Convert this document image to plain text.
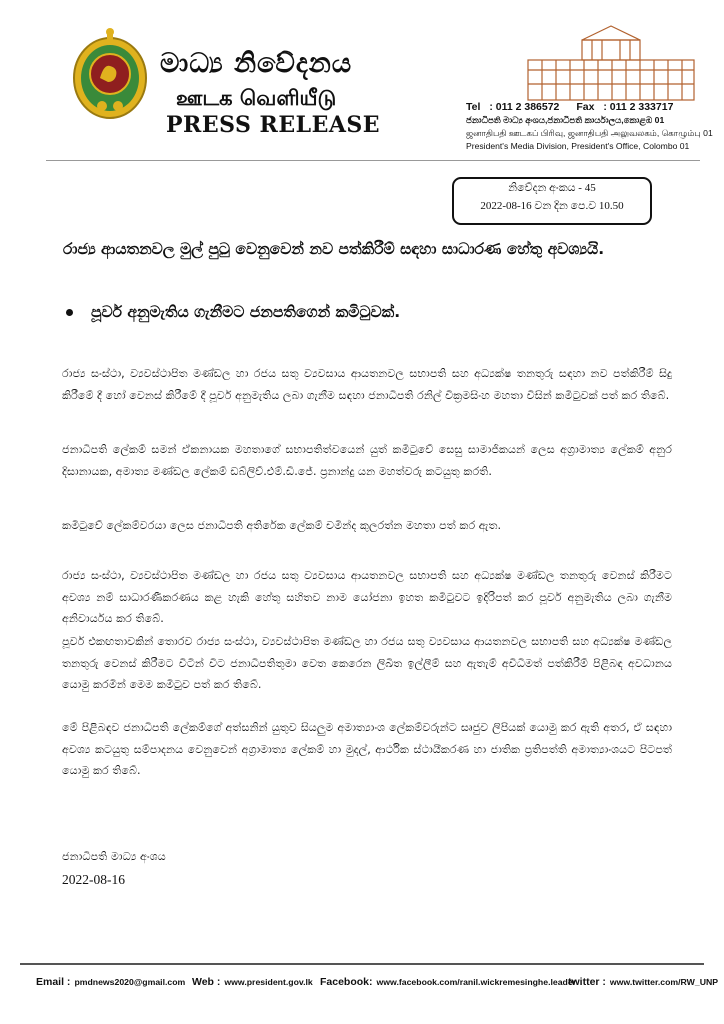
මාධ්‍ය නිවේදනය
ஊடக வெளியீடு
PRESS RELEASE
Tel : 011 2 386572 Fax : 011 2 333717
ජනාධිපති මාධ්‍ය අංශය,ජනාධිපති කාර්යාලය,කොළඹ 01
ஜனாதிபதி ஊடகப் பிரிவு, ஜனாதிபதி அலுவலகம், கொழும்பு 01
President's Media Division, President's Office, Colombo 01
නිවේදන අංකය - 45
2022-08-16 වන දින පෙ.ව 10.50
රාජ්‍ය ආයතනවල මුල් පුටු වෙනුවෙන් නව පත්කිරීම් සඳහා සාධාරණ හේතු අවශ්‍යයි.
පූර්ව අනුමැතිය ගැනීමට ජනපතිගෙන් කමිටුවක්.
රාජ්‍ය සංස්ථා, ව්‍යවස්ථාපිත මණ්ඩල හා රජය සතු ව්‍යවසාය ආයතනවල සභාපති සහ අධ්‍යක්ෂ තනතුරු සඳහා නව පත්කිරීම් සිදු කිරීමේ දී හෝ වෙනස් කිරීමේ දී පූර්ව අනුමැතිය ලබා ගැනීම සඳහා ජනාධිපති රනිල් වික්‍රමසිංහ මහතා විසින් කමිටුවක් පත් කර තිබේ.
ජනාධිපති ලේකම් සමන් ඒකනායක මහතාගේ සභාපතිත්වයෙන් යුත් කමිටුවේ සෙසු සාමාජිකයන් ලෙස අග්‍රාමාත්‍ය ලේකම් අනුර දිසානායක, අමාත්‍ය මණ්ඩල ලේකම් ඩබ්ලිව්.එම්.ඩී.ජේ. ප්‍රනාන්දු යන මහත්වරු කටයුතු කරති.
කමිටුවේ ලේකම්වරයා ලෙස ජනාධිපති අතිරේක ලේකම් චමින්ද කුලරත්න මහතා පත් කර ඇත.
රාජ්‍ය සංස්ථා, ව්‍යවස්ථාපිත මණ්ඩල හා රජය සතු ව්‍යවසාය ආයතනවල සභාපති සහ අධ්‍යක්ෂ මණ්ඩල තනතුරු වෙනස් කිරීමට අවශ්‍ය නම් සාධාරණීකරණය කළ හැකි හේතු සහිතව නාම යෝජනා ඉහත කමිටුවට ඉදිරිපත් කර පූර්ව අනුමැතිය ලබා ගැනීම අනිවාර්යය කර තිබේ.
පූර්ව එකඟතාවකින් තොරව රාජ්‍ය සංස්ථා, ව්‍යවස්ථාපිත මණ්ඩල හා රජය සතු ව්‍යවසාය ආයතනවල සභාපති සහ අධ්‍යක්ෂ මණ්ඩල තනතුරු වෙනස් කිරීමට විටින් විට ජනාධිපතිතුමා වෙත කෙරෙන ලිඛිත ඉල්ලීම් සහ ඇතැම් අවිධිමත් පත්කිරීම් පිළිබඳ අවධානය යොමු කරමින් මෙම කමිටුව පත් කර තිබේ.
මේ පිළිබඳව ජනාධිපති ලේකම්ගේ අත්සනින් යුතුව සියලුම අමාත්‍යාංශ ලේකම්වරුන්ට සෘජුව ලිපියක් යොමු කර ඇති අතර, ඒ සඳහා අවශ්‍ය කටයුතු සම්පාදනය වෙනුවෙන් අග්‍රාමාත්‍ය ලේකම් හා මුදල්, ආර්ථික ස්ථායීකරණ හා ජාතික ප්‍රතිපත්ති අමාත්‍යාංශයට පිටපත් යොමු කර තිබේ.
ජනාධිපති මාධ්‍ය අංශය
2022-08-16
Email : pmdnews2020@gmail.com Web : www.president.gov.lk Facebook: www.facebook.com/ranil.wickremesinghe.leader
twitter : www.twitter.com/RW_UNP
